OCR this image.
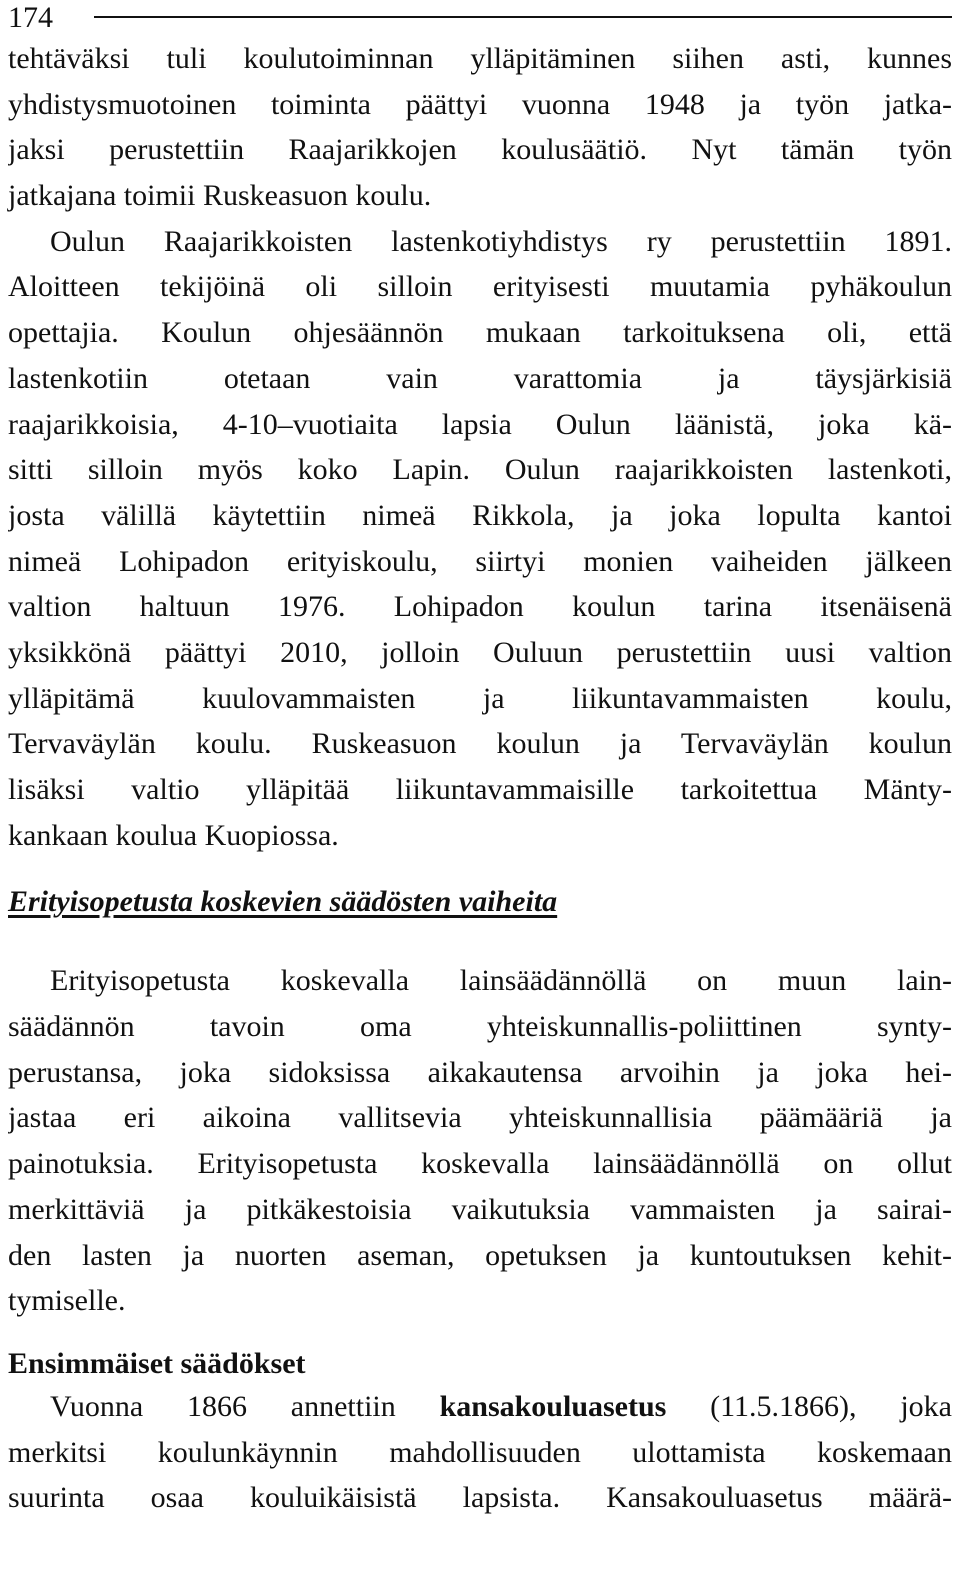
174

tehtäväksi tuli koulutoiminnan ylläpitäminen siihen asti, kunnes
yhdistysmuotoinen toiminta päättyi vuonna 1948 ja työn jatka-
jaksi perustettiin Raajarikkojen koulusäätiö. Nyt tämän työn
jatkajana toimii Ruskeasuon koulu.

Oulun Raajarikkoisten lastenkotiyhdistys ry perustettiin 1891.
Aloitteen tekijöinä oli silloin erityisesti muutamia pyhäkoulun
opettajia. Koulun ohjesäännön mukaan tarkoituksena oli, että
lastenkotiin otetaan vain varattomia ja täysjärkisiä
raajarikkoisia, 4-10–vuotiaita lapsia Oulun läänistä, joka kä-
sitti silloin myös koko Lapin. Oulun raajarikkoisten lastenkoti,
josta välillä käytettiin nimeä Rikkola, ja joka lopulta kantoi
nimeä Lohipadon erityiskoulu, siirtyi monien vaiheiden jälkeen
valtion haltuun 1976. Lohipadon koulun tarina itsenäisenä
yksikkönä päättyi 2010, jolloin Ouluun perustettiin uusi valtion
ylläpitämä kuulovammaisten ja liikuntavammaisten koulu,
Tervaväylän koulu. Ruskeasuon koulun ja Tervaväylän koulun
lisäksi valtio ylläpitää liikuntavammaisille tarkoitettua Mänty-
kankaan koulua Kuopiossa.

Erityisopetusta koskevien säädösten vaiheita

Erityisopetusta koskevalla lainsäädännöllä on muun lain-
säädännön tavoin oma yhteiskunnallis-poliittinen synty-
perustansa, joka sidoksissa aikakautensa arvoihin ja joka hei-
jastaa eri aikoina vallitsevia yhteiskunnallisia päämääriä ja
painotuksia. Erityisopetusta koskevalla lainsäädännöllä on ollut
merkittäviä ja pitkäkestoisia vaikutuksia vammaisten ja sairai-
den lasten ja nuorten aseman, opetuksen ja kuntoutuksen kehit-
tymiselle.

Ensimmäiset säädökset

Vuonna 1866 annettiin kansakouluasetus (11.5.1866), joka
merkitsi koulunkäynnin mahdollisuuden ulottamista koskemaan
suurinta osaa kouluikäisistä lapsista. Kansakouluasetus määrä-
